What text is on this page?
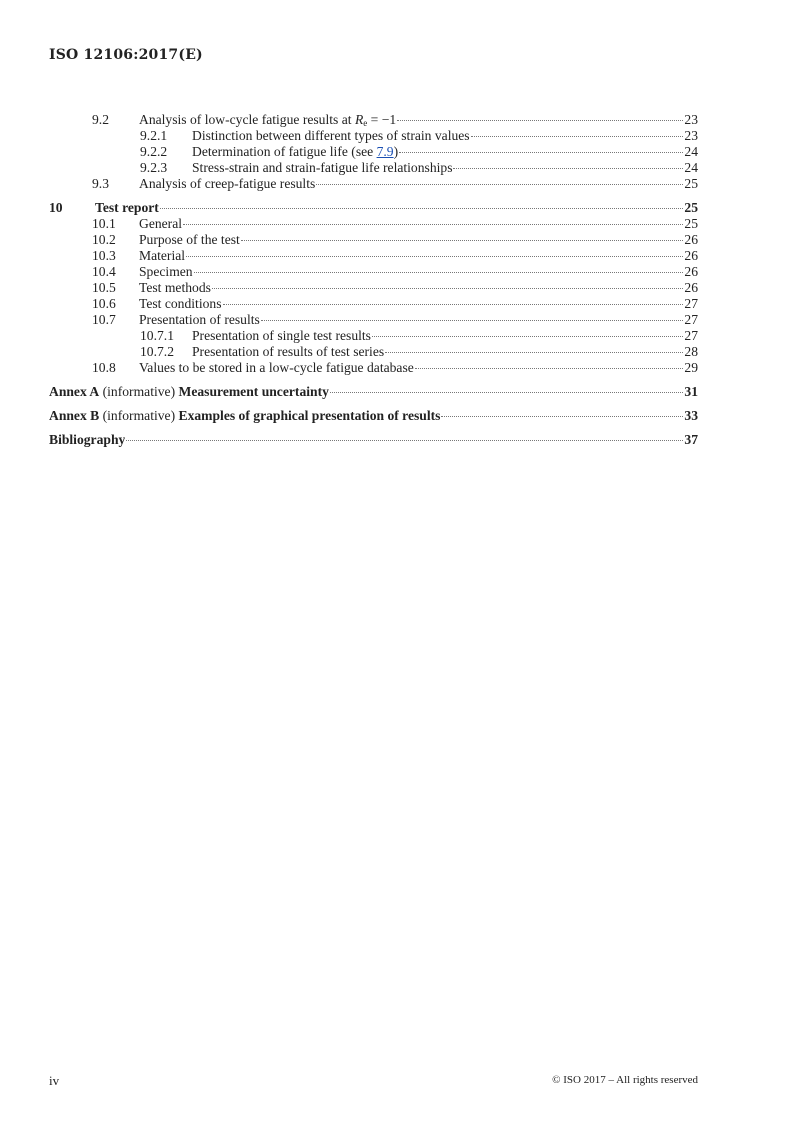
ISO 12106:2017(E)
9.2	Analysis of low-cycle fatigue results at $R_e = -1$	23
9.2.1	Distinction between different types of strain values	23
9.2.2	Determination of fatigue life (see 7.9)	24
9.2.3	Stress-strain and strain-fatigue life relationships	24
9.3	Analysis of creep-fatigue results	25
10	Test report	25
10.1	General	25
10.2	Purpose of the test	26
10.3	Material	26
10.4	Specimen	26
10.5	Test methods	26
10.6	Test conditions	27
10.7	Presentation of results	27
10.7.1	Presentation of single test results	27
10.7.2	Presentation of results of test series	28
10.8	Values to be stored in a low-cycle fatigue database	29
Annex A (informative) Measurement uncertainty	31
Annex B (informative) Examples of graphical presentation of results	33
Bibliography	37
iv	© ISO 2017 – All rights reserved
